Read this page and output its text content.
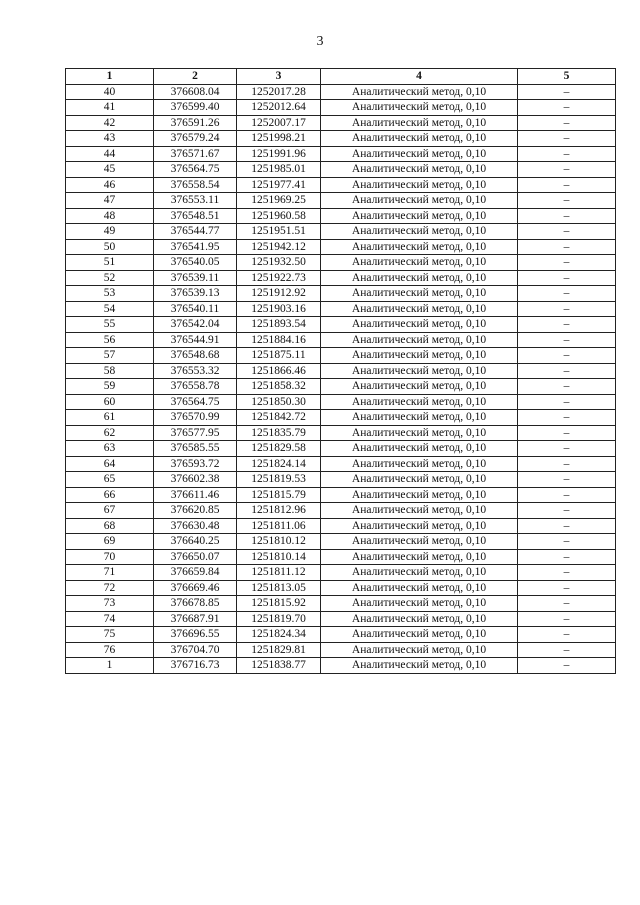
3
1	2	3	4	5
40	376608.04	1252017.28	Аналитический метод, 0,10	–
41	376599.40	1252012.64	Аналитический метод, 0,10	–
42	376591.26	1252007.17	Аналитический метод, 0,10	–
43	376579.24	1251998.21	Аналитический метод, 0,10	–
44	376571.67	1251991.96	Аналитический метод, 0,10	–
45	376564.75	1251985.01	Аналитический метод, 0,10	–
46	376558.54	1251977.41	Аналитический метод, 0,10	–
47	376553.11	1251969.25	Аналитический метод, 0,10	–
48	376548.51	1251960.58	Аналитический метод, 0,10	–
49	376544.77	1251951.51	Аналитический метод, 0,10	–
50	376541.95	1251942.12	Аналитический метод, 0,10	–
51	376540.05	1251932.50	Аналитический метод, 0,10	–
52	376539.11	1251922.73	Аналитический метод, 0,10	–
53	376539.13	1251912.92	Аналитический метод, 0,10	–
54	376540.11	1251903.16	Аналитический метод, 0,10	–
55	376542.04	1251893.54	Аналитический метод, 0,10	–
56	376544.91	1251884.16	Аналитический метод, 0,10	–
57	376548.68	1251875.11	Аналитический метод, 0,10	–
58	376553.32	1251866.46	Аналитический метод, 0,10	–
59	376558.78	1251858.32	Аналитический метод, 0,10	–
60	376564.75	1251850.30	Аналитический метод, 0,10	–
61	376570.99	1251842.72	Аналитический метод, 0,10	–
62	376577.95	1251835.79	Аналитический метод, 0,10	–
63	376585.55	1251829.58	Аналитический метод, 0,10	–
64	376593.72	1251824.14	Аналитический метод, 0,10	–
65	376602.38	1251819.53	Аналитический метод, 0,10	–
66	376611.46	1251815.79	Аналитический метод, 0,10	–
67	376620.85	1251812.96	Аналитический метод, 0,10	–
68	376630.48	1251811.06	Аналитический метод, 0,10	–
69	376640.25	1251810.12	Аналитический метод, 0,10	–
70	376650.07	1251810.14	Аналитический метод, 0,10	–
71	376659.84	1251811.12	Аналитический метод, 0,10	–
72	376669.46	1251813.05	Аналитический метод, 0,10	–
73	376678.85	1251815.92	Аналитический метод, 0,10	–
74	376687.91	1251819.70	Аналитический метод, 0,10	–
75	376696.55	1251824.34	Аналитический метод, 0,10	–
76	376704.70	1251829.81	Аналитический метод, 0,10	–
1	376716.73	1251838.77	Аналитический метод, 0,10	–
